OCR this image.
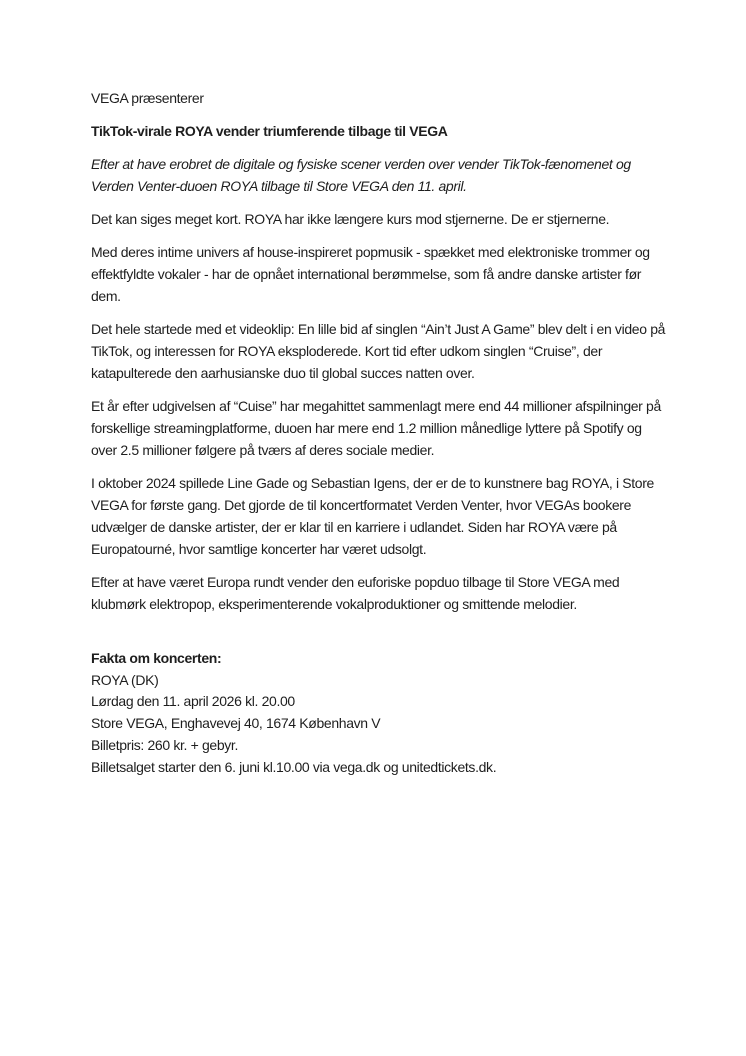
VEGA præsenterer

TikTok-virale ROYA vender triumferende tilbage til VEGA

Efter at have erobret de digitale og fysiske scener verden over vender TikTok-fænomenet og Verden Venter-duoen ROYA tilbage til Store VEGA den 11. april.

Det kan siges meget kort. ROYA har ikke længere kurs mod stjernerne. De er stjernerne.

Med deres intime univers af house-inspireret popmusik - spækket med elektroniske trommer og effektfyldte vokaler - har de opnået international berømmelse, som få andre danske artister før dem.

Det hele startede med et videoklip: En lille bid af singlen “Ain’t Just A Game” blev delt i en video på TikTok, og interessen for ROYA eksploderede. Kort tid efter udkom singlen “Cruise”, der katapulterede den aarhusianske duo til global succes natten over.

Et år efter udgivelsen af “Cuise” har megahittet sammenlagt mere end 44 millioner afspilninger på forskellige streamingplatforme, duoen har mere end 1.2 million månedlige lyttere på Spotify og over 2.5 millioner følgere på tværs af deres sociale medier.

I oktober 2024 spillede Line Gade og Sebastian Igens, der er de to kunstnere bag ROYA, i Store VEGA for første gang. Det gjorde de til koncertformatet Verden Venter, hvor VEGAs bookere udvælger de danske artister, der er klar til en karriere i udlandet. Siden har ROYA være på Europatourné, hvor samtlige koncerter har været udsolgt.

Efter at have været Europa rundt vender den euforiske popduo tilbage til Store VEGA med klubmørk elektropop, eksperimenterende vokalproduktioner og smittende melodier.

Fakta om koncerten:

ROYA (DK)

Lørdag den 11. april 2026 kl. 20.00

Store VEGA, Enghavevej 40, 1674 København V

Billetpris: 260 kr. + gebyr.

Billetsalget starter den 6. juni kl.10.00 via vega.dk og unitedtickets.dk.
